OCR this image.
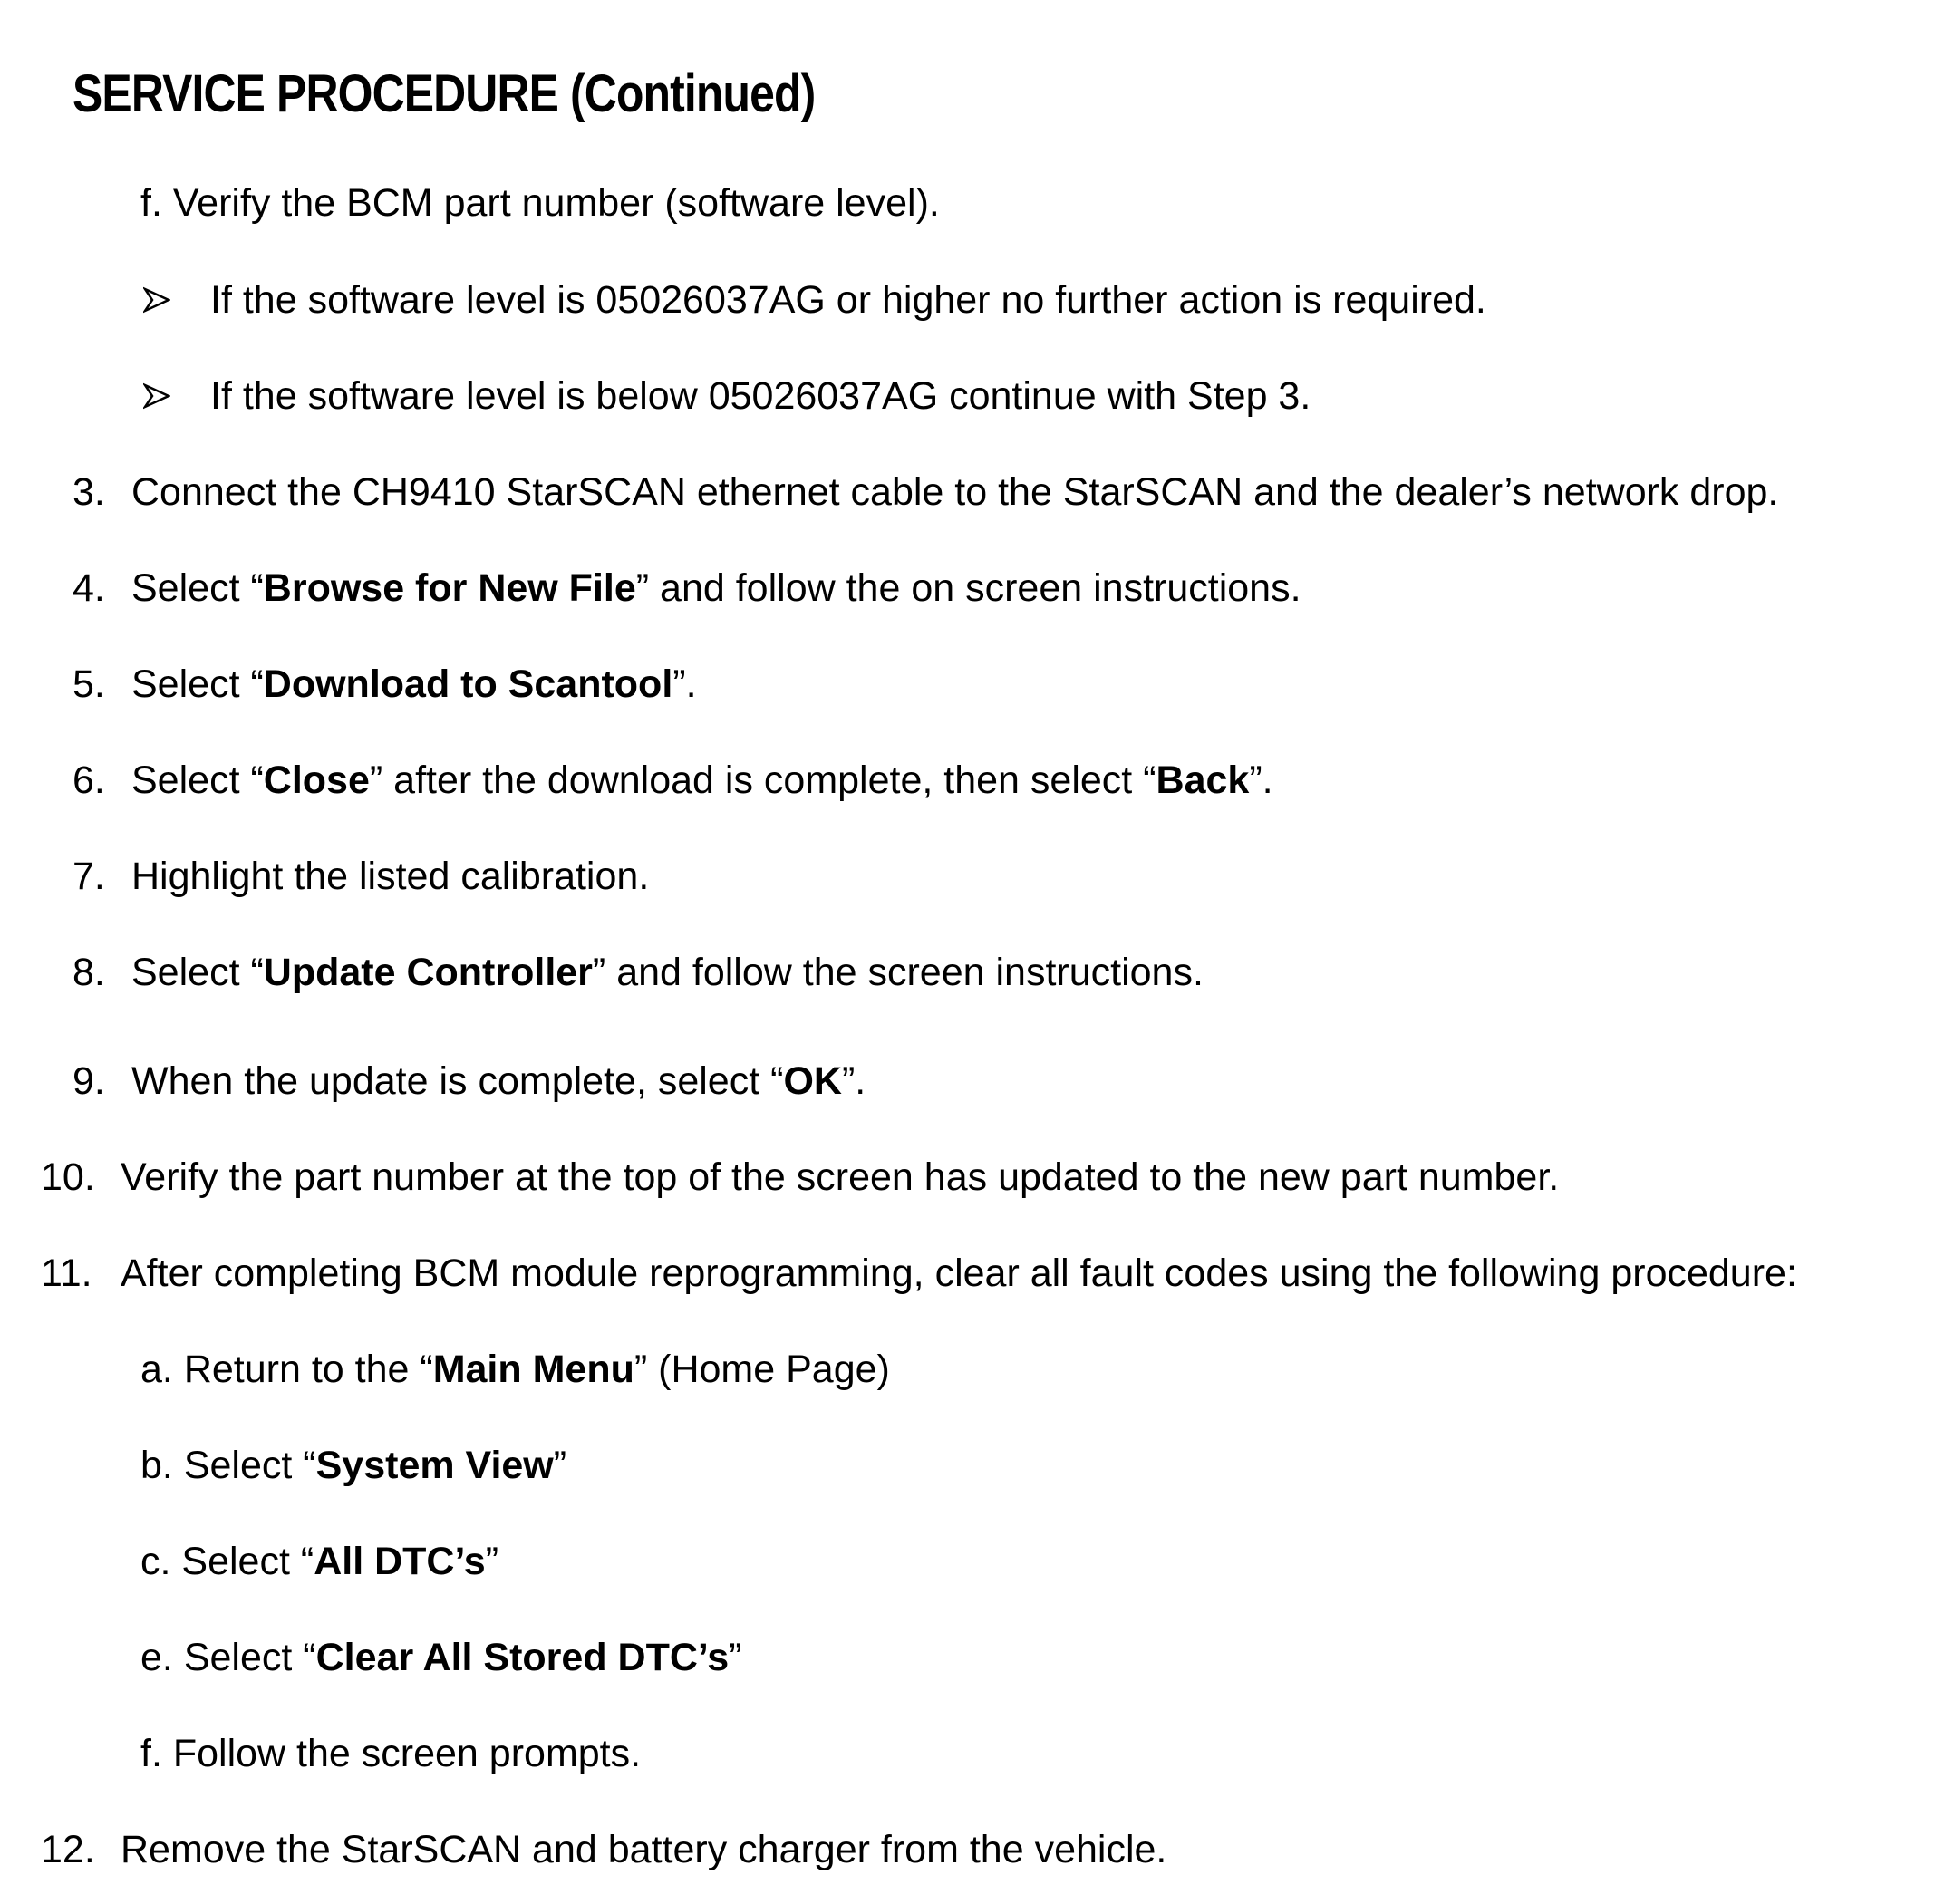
SERVICE PROCEDURE (Continued)
f. Verify the BCM part number (software level).
If the software level is 05026037AG or higher no further action is required.
If the software level is below 05026037AG continue with Step 3.
3. Connect the CH9410 StarSCAN ethernet cable to the StarSCAN and the dealer’s network drop.
4. Select “Browse for New File” and follow the on screen instructions.
5. Select “Download to Scantool”.
6. Select “Close” after the download is complete, then select “Back”.
7. Highlight the listed calibration.
8. Select “Update Controller” and follow the screen instructions.
9. When the update is complete, select “OK”.
10. Verify the part number at the top of the screen has updated to the new part number.
11. After completing BCM module reprogramming, clear all fault codes using the following procedure:
a. Return to the “Main Menu” (Home Page)
b. Select “System View”
c. Select “All DTC’s”
e. Select “Clear All Stored DTC’s”
f. Follow the screen prompts.
12. Remove the StarSCAN and battery charger from the vehicle.
